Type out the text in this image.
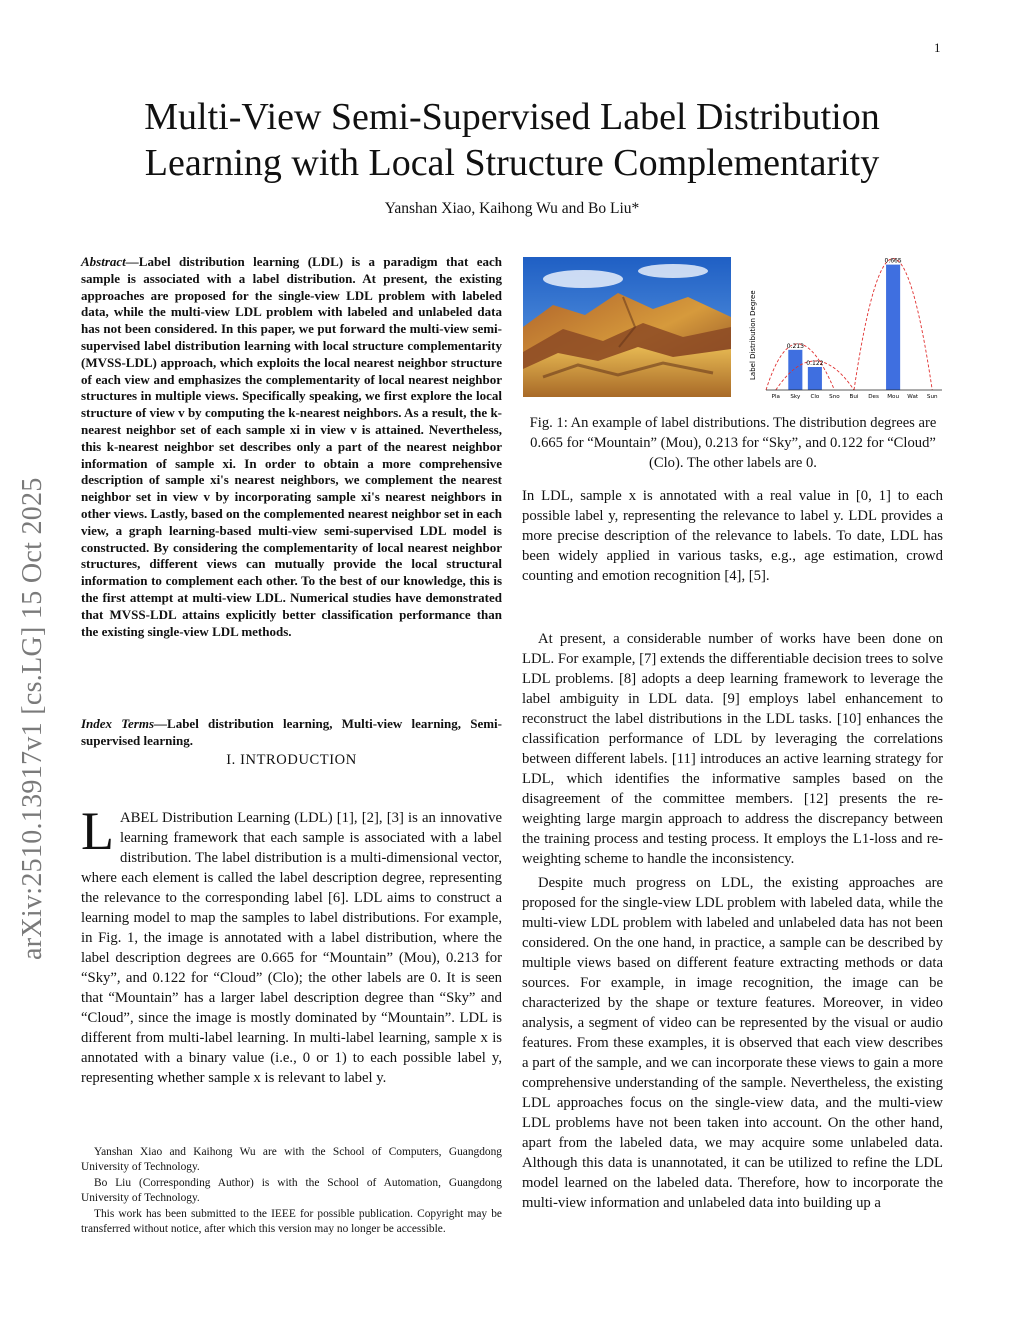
1
Multi-View Semi-Supervised Label Distribution
Learning with Local Structure Complementarity
Yanshan Xiao, Kaihong Wu and Bo Liu*
arXiv:2510.13917v1 [cs.LG] 15 Oct 2025
Abstract—Label distribution learning (LDL) is a paradigm that each sample is associated with a label distribution. At present, the existing approaches are proposed for the single-view LDL problem with labeled data, while the multi-view LDL problem with labeled and unlabeled data has not been considered. In this paper, we put forward the multi-view semi-supervised label distribution learning with local structure complementarity (MVSS-LDL) approach, which exploits the local nearest neighbor structure of each view and emphasizes the complementarity of local nearest neighbor structures in multiple views. Specifically speaking, we first explore the local structure of view v by computing the k-nearest neighbors. As a result, the k-nearest neighbor set of each sample xi in view v is attained. Nevertheless, this k-nearest neighbor set describes only a part of the nearest neighbor information of sample xi. In order to obtain a more comprehensive description of sample xi's nearest neighbors, we complement the nearest neighbor set in view v by incorporating sample xi's nearest neighbors in other views. Lastly, based on the complemented nearest neighbor set in each view, a graph learning-based multi-view semi-supervised LDL model is constructed. By considering the complementarity of local nearest neighbor structures, different views can mutually provide the local structural information to complement each other. To the best of our knowledge, this is the first attempt at multi-view LDL. Numerical studies have demonstrated that MVSS-LDL attains explicitly better classification performance than the existing single-view LDL methods.
Index Terms—Label distribution learning, Multi-view learning, Semi-supervised learning.
I. INTRODUCTION
LABEL Distribution Learning (LDL) [1], [2], [3] is an innovative learning framework that each sample is associated with a label distribution. The label distribution is a multi-dimensional vector, where each element is called the label description degree, representing the relevance to the corresponding label [6]. LDL aims to construct a learning model to map the samples to label distributions. For example, in Fig. 1, the image is annotated with a label distribution, where the label description degrees are 0.665 for “Mountain” (Mou), 0.213 for “Sky”, and 0.122 for “Cloud” (Clo); the other labels are 0. It is seen that “Mountain” has a larger label description degree than “Sky” and “Cloud”, since the image is mostly dominated by “Mountain”. LDL is different from multi-label learning. In multi-label learning, sample x is annotated with a binary value (i.e., 0 or 1) to each possible label y, representing whether sample x is relevant to label y.

Yanshan Xiao and Kaihong Wu are with the School of Computers, Guangdong University of Technology.

Bo Liu (Corresponding Author) is with the School of Automation, Guangdong University of Technology.

This work has been submitted to the IEEE for possible publication. Copyright may be transferred without notice, after which this version may no longer be accessible.

Label Distribution Degree	0.213
0.122
0.665
Pla Sky Clo Sno Bui Des Mou Wat Sun
Fig. 1: An example of label distributions. The distribution degrees are 0.665 for “Mountain” (Mou), 0.213 for “Sky”, and 0.122 for “Cloud” (Clo). The other labels are 0.

In LDL, sample x is annotated with a real value in [0, 1] to each possible label y, representing the relevance to label y. LDL provides a more precise description of the relevance to labels. To date, LDL has been widely applied in various tasks, e.g., age estimation, crowd counting and emotion recognition [4], [5].

At present, a considerable number of works have been done on LDL. For example, [7] extends the differentiable decision trees to solve LDL problems. [8] adopts a deep learning framework to leverage the label ambiguity in LDL data. [9] employs label enhancement to reconstruct the label distributions in the LDL tasks. [10] enhances the classification performance of LDL by leveraging the correlations between different labels. [11] introduces an active learning strategy for LDL, which identifies the informative samples based on the disagreement of the committee members. [12] presents the re-weighting large margin approach to address the discrepancy between the training process and testing process. It employs the L1-loss and re-weighting scheme to handle the inconsistency.

Despite much progress on LDL, the existing approaches are proposed for the single-view LDL problem with labeled data, while the multi-view LDL problem with labeled and unlabeled data has not been considered. On the one hand, in practice, a sample can be described by multiple views based on different feature extracting methods or data sources. For example, in image recognition, the image can be characterized by the shape or texture features. Moreover, in video analysis, a segment of video can be represented by the visual or audio features. From these examples, it is observed that each view describes a part of the sample, and we can incorporate these views to gain a more comprehensive understanding of the sample. Nevertheless, the existing LDL approaches focus on the single-view data, and the multi-view LDL problems have not been taken into account. On the other hand, apart from the labeled data, we may acquire some unlabeled data. Although this data is unannotated, it can be utilized to refine the LDL model learned on the labeled data. Therefore, how to incorporate the multi-view information and unlabeled data into building up a
